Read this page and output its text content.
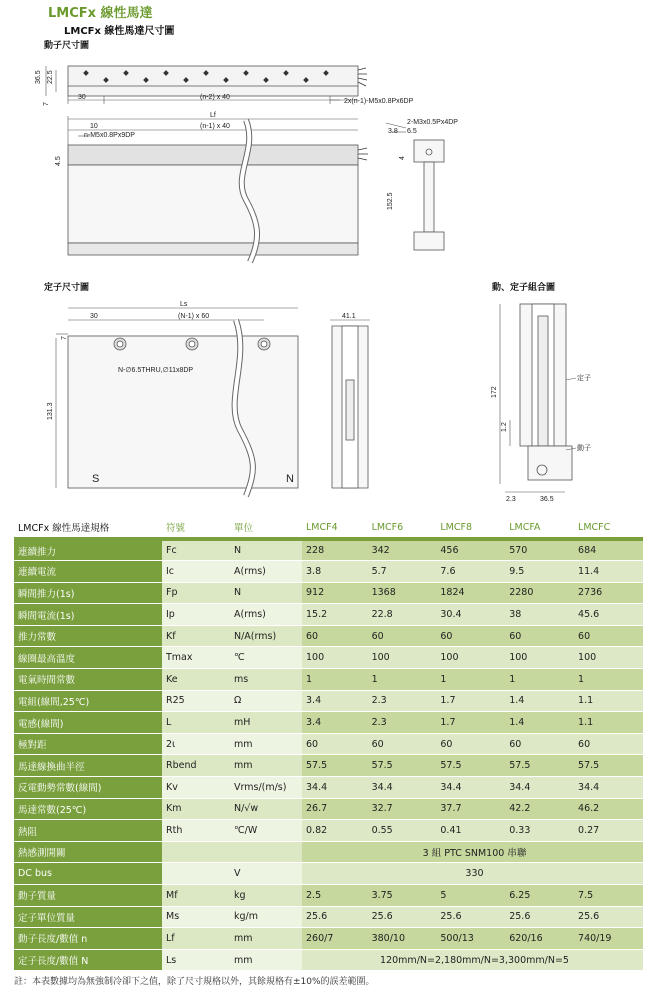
LMCFx 線性馬達
LMCFx 線性馬達尺寸圖
動子尺寸圖
36.5 22.5
7
30	(n-2) x 40
2x(n-1)-M5x0.8Px6DP
Lf
(n-1) x 40
10
n-M5x0.8Px9DP
2-M3x0.5Px4DP
3.8 6.5
4.5	4
152.5
定子尺寸圖	動、定子組合圖
Ls
(N-1) x 60
30
7
131.3
N-∅6.5THRU,∅11x8DP
S	N
41.1
172
1.2
2.3	36.5
定子
動子
LMCFx 線性馬達規格	符號	單位	LMCF4	LMCF6	LMCF8	LMCFA	LMCFC
連續推力	Fc	N	228	342	456	570	684
連續電流	Ic	A(rms)	3.8	5.7	7.6	9.5	11.4
瞬間推力(1s)	Fp	N	912	1368	1824	2280	2736
瞬間電流(1s)	Ip	A(rms)	15.2	22.8	30.4	38	45.6
推力常數	Kf	N/A(rms)	60	60	60	60	60
線圈最高溫度	Tmax	℃	100	100	100	100	100
電氣時間常數	Ke	ms	1	1	1	1	1
電組(線間,25℃)	R25	Ω	3.4	2.3	1.7	1.4	1.1
電感(線間)	L	mH	3.4	2.3	1.7	1.4	1.1
極對距	2ι	mm	60	60	60	60	60
馬達線換曲半徑	Rbend	mm	57.5	57.5	57.5	57.5	57.5
反電動勢常數(線間)	Kv	Vrms/(m/s)	34.4	34.4	34.4	34.4	34.4
馬達常數(25℃)	Km	N/√w	26.7	32.7	37.7	42.2	46.2
熱阻	Rth	℃/W	0.82	0.55	0.41	0.33	0.27
熱感測開關			3 組 PTC SNM100 串聯				
DC bus		V	330				
動子質量	Mf	kg	2.5	3.75	5	6.25	7.5
定子單位質量	Ms	kg/m	25.6	25.6	25.6	25.6	25.6
動子長度/數值 n	Lf	mm	260/7	380/10	500/13	620/16	740/19
定子長度/數值 N	Ls	mm	120mm/N=2,180mm/N=3,300mm/N=5				
註：本表數據均為無強制冷卻下之值，除了尺寸規格以外，其餘規格有±10%的誤差範圍。
